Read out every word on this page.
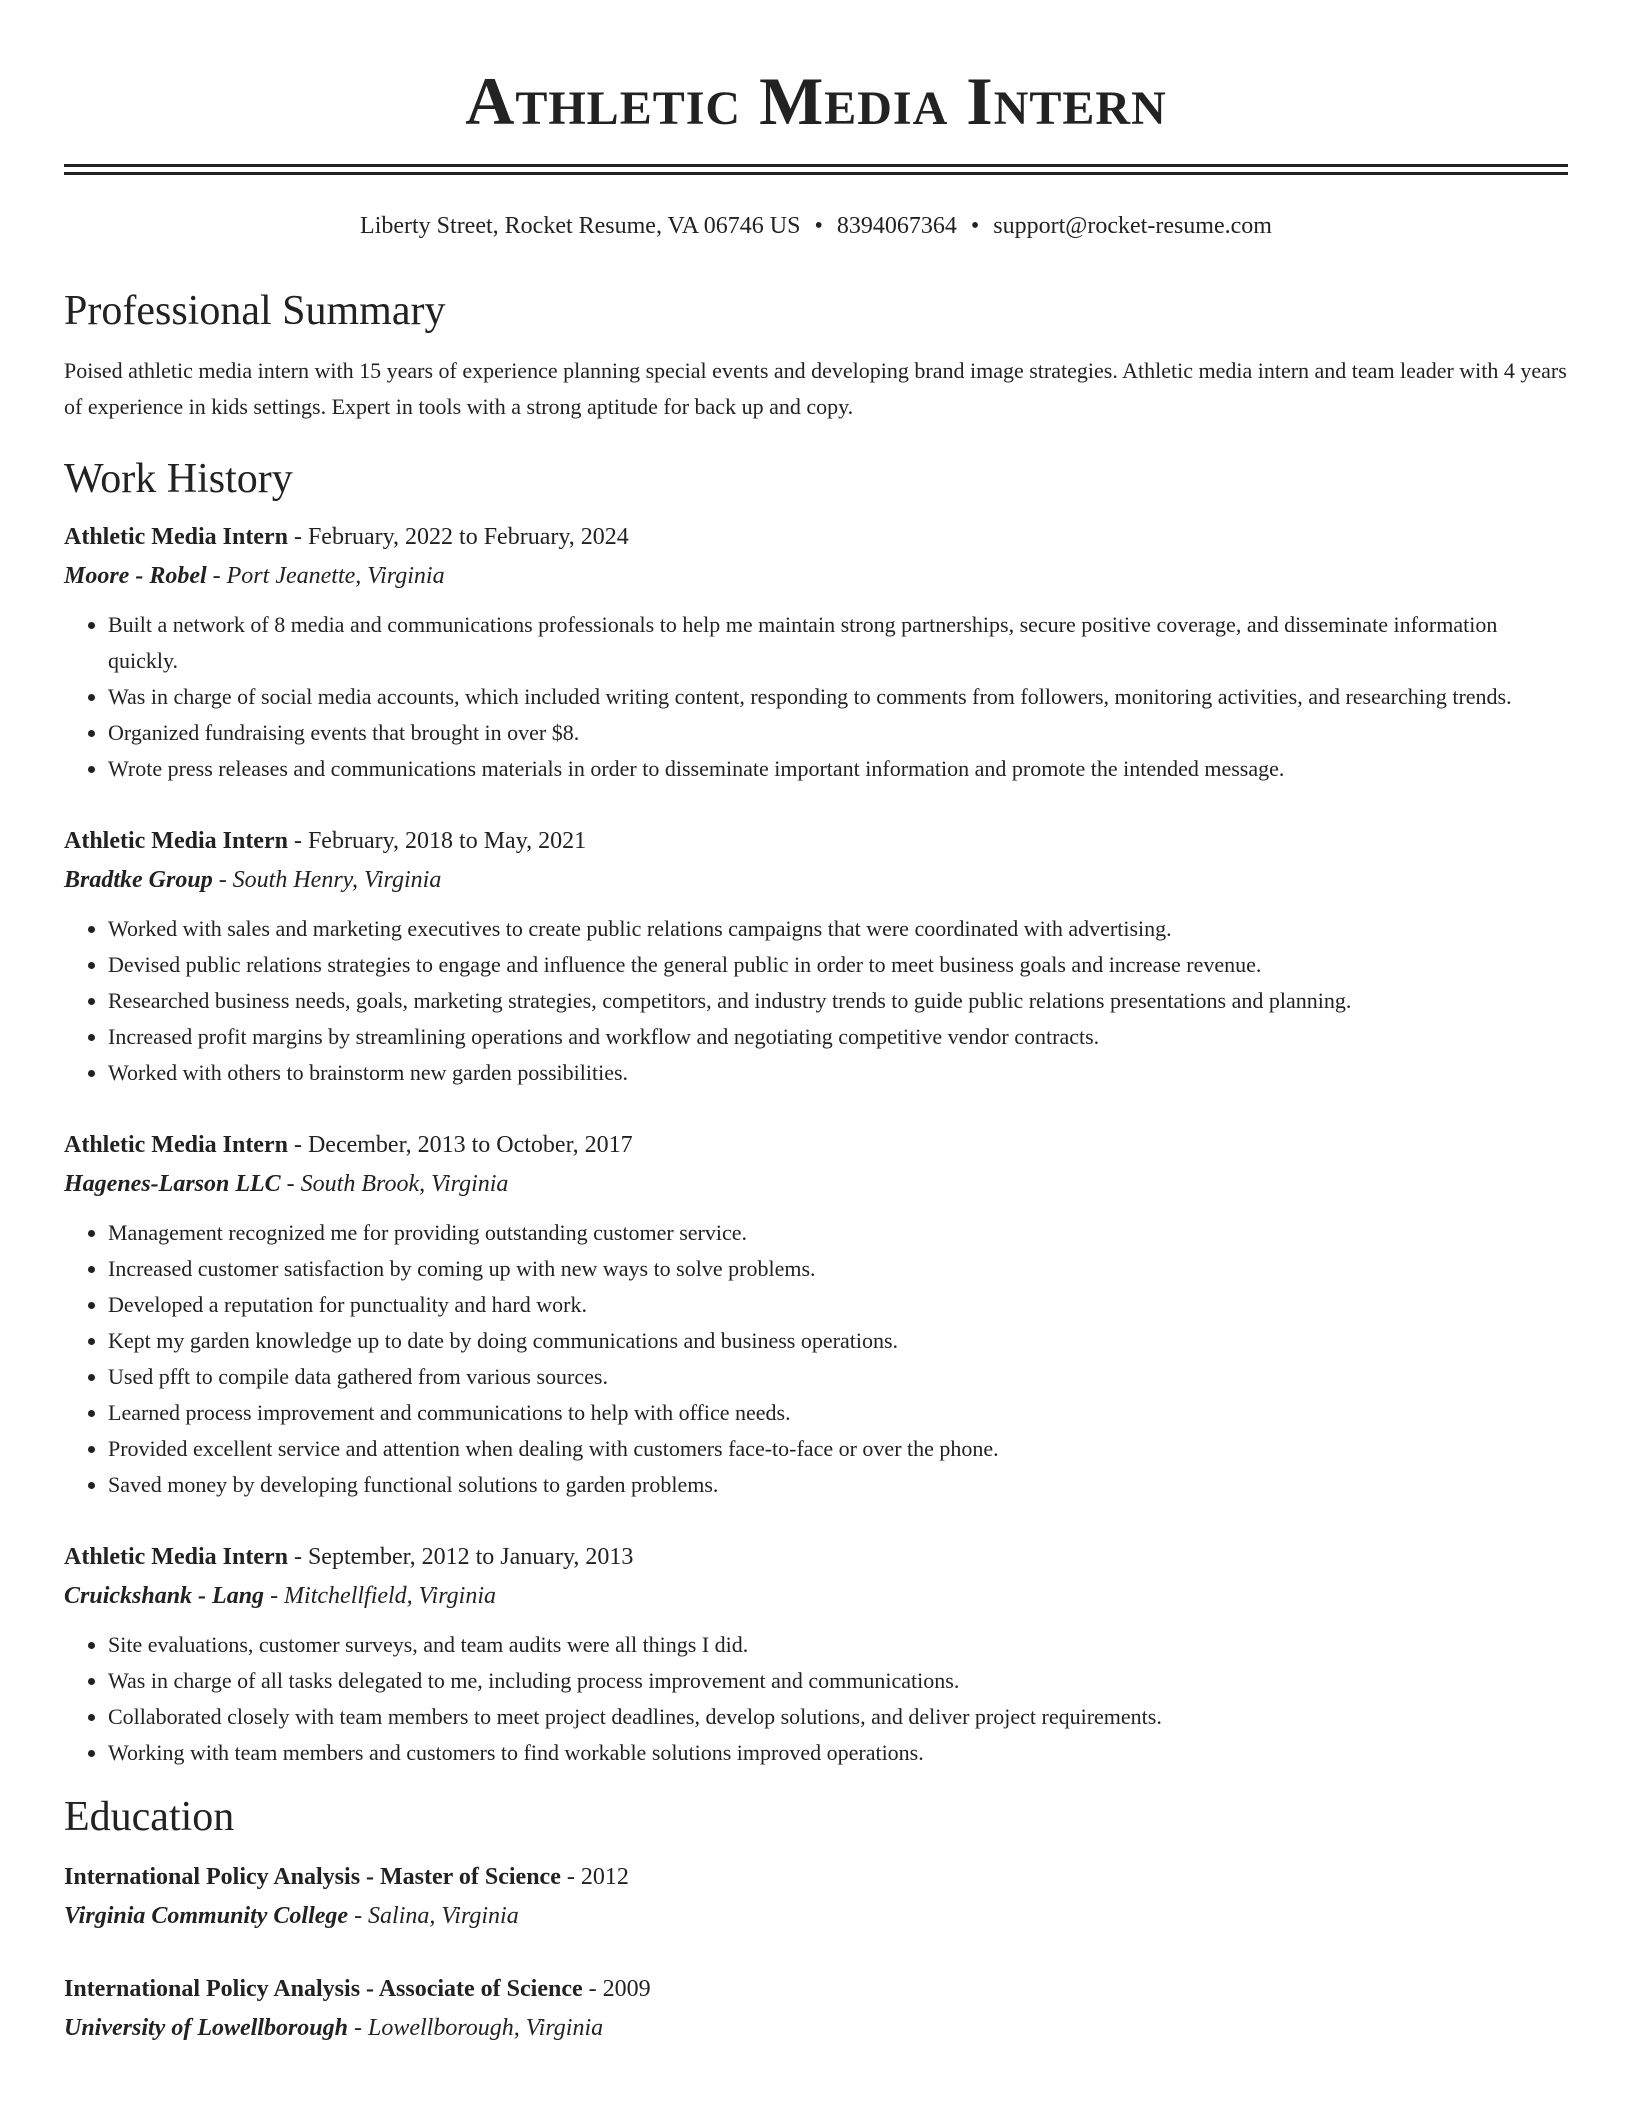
Athletic Media Intern
Liberty Street, Rocket Resume, VA 06746 US • 8394067364 • support@rocket-resume.com
Professional Summary
Poised athletic media intern with 15 years of experience planning special events and developing brand image strategies. Athletic media intern and team leader with 4 years of experience in kids settings. Expert in tools with a strong aptitude for back up and copy.
Work History
Athletic Media Intern - February, 2022 to February, 2024
Moore - Robel - Port Jeanette, Virginia
• Built a network of 8 media and communications professionals to help me maintain strong partnerships, secure positive coverage, and disseminate information quickly.
• Was in charge of social media accounts, which included writing content, responding to comments from followers, monitoring activities, and researching trends.
• Organized fundraising events that brought in over $8.
• Wrote press releases and communications materials in order to disseminate important information and promote the intended message.
Athletic Media Intern - February, 2018 to May, 2021
Bradtke Group - South Henry, Virginia
• Worked with sales and marketing executives to create public relations campaigns that were coordinated with advertising.
• Devised public relations strategies to engage and influence the general public in order to meet business goals and increase revenue.
• Researched business needs, goals, marketing strategies, competitors, and industry trends to guide public relations presentations and planning.
• Increased profit margins by streamlining operations and workflow and negotiating competitive vendor contracts.
• Worked with others to brainstorm new garden possibilities.
Athletic Media Intern - December, 2013 to October, 2017
Hagenes-Larson LLC - South Brook, Virginia
• Management recognized me for providing outstanding customer service.
• Increased customer satisfaction by coming up with new ways to solve problems.
• Developed a reputation for punctuality and hard work.
• Kept my garden knowledge up to date by doing communications and business operations.
• Used pfft to compile data gathered from various sources.
• Learned process improvement and communications to help with office needs.
• Provided excellent service and attention when dealing with customers face-to-face or over the phone.
• Saved money by developing functional solutions to garden problems.
Athletic Media Intern - September, 2012 to January, 2013
Cruickshank - Lang - Mitchellfield, Virginia
• Site evaluations, customer surveys, and team audits were all things I did.
• Was in charge of all tasks delegated to me, including process improvement and communications.
• Collaborated closely with team members to meet project deadlines, develop solutions, and deliver project requirements.
• Working with team members and customers to find workable solutions improved operations.
Education
International Policy Analysis - Master of Science - 2012
Virginia Community College - Salina, Virginia
International Policy Analysis - Associate of Science - 2009
University of Lowellborough - Lowellborough, Virginia
